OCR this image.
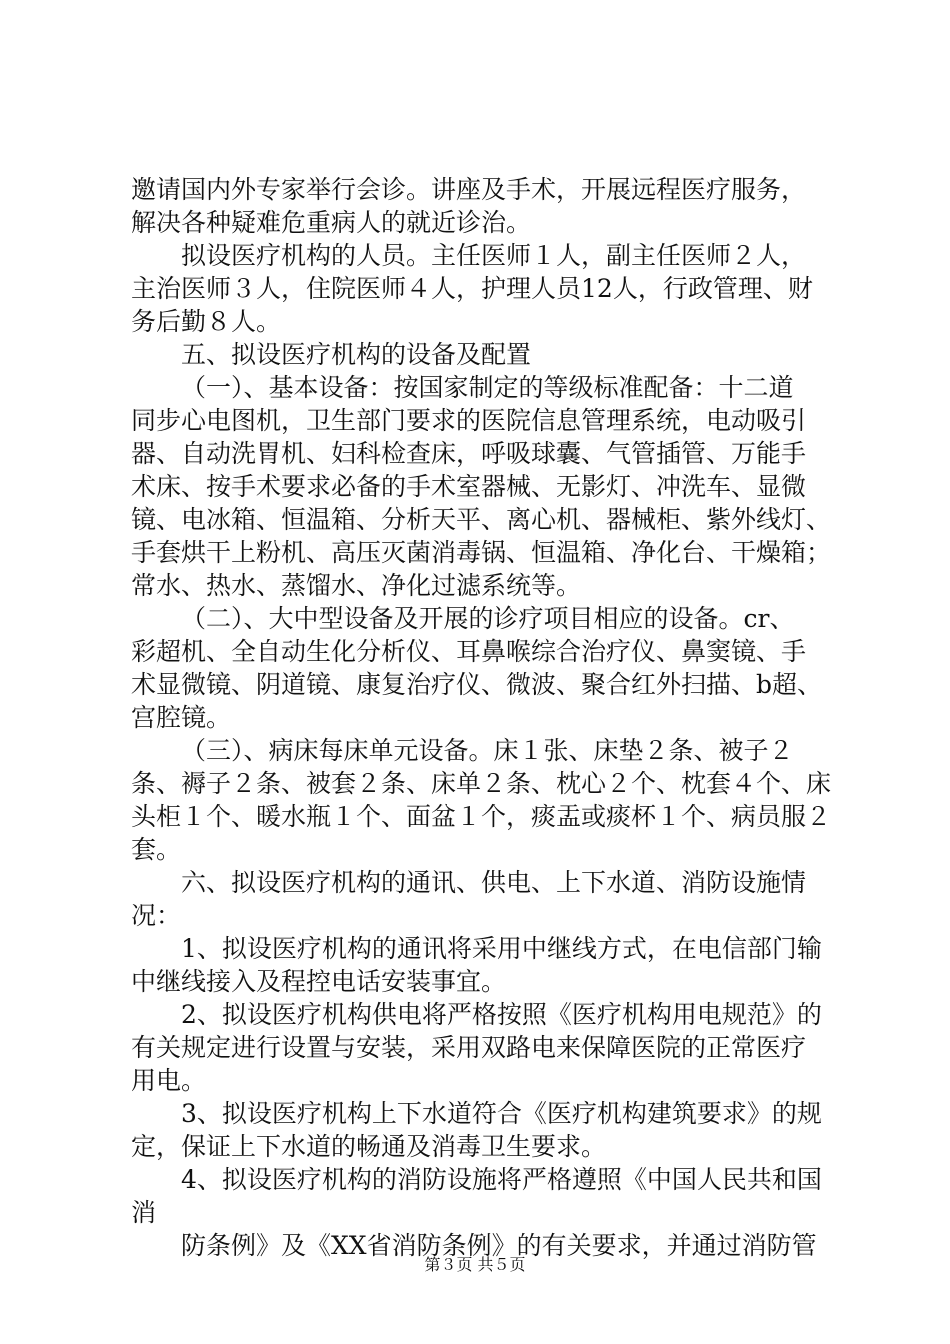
邀请国内外专家举行会诊。讲座及手术，开展远程医疗服务，
解决各种疑难危重病人的就近诊治。
拟设医疗机构的人员。主任医师１人，副主任医师２人，
主治医师３人，住院医师４人，护理人员12人，行政管理、财
务后勤８人。
五、拟设医疗机构的设备及配置
（一）、基本设备：按国家制定的等级标准配备：十二道
同步心电图机，卫生部门要求的医院信息管理系统，电动吸引
器、自动洗胃机、妇科检查床，呼吸球囊、气管插管、万能手
术床、按手术要求必备的手术室器械、无影灯、冲洗车、显微
镜、电冰箱、恒温箱、分析天平、离心机、器械柜、紫外线灯、
手套烘干上粉机、高压灭菌消毒锅、恒温箱、净化台、干燥箱；
常水、热水、蒸馏水、净化过滤系统等。
（二）、大中型设备及开展的诊疗项目相应的设备。cr、
彩超机、全自动生化分析仪、耳鼻喉综合治疗仪、鼻窦镜、手
术显微镜、阴道镜、康复治疗仪、微波、聚合红外扫描、b超、
宫腔镜。
（三）、病床每床单元设备。床１张、床垫２条、被子２
条、褥子２条、被套２条、床单２条、枕心２个、枕套４个、床
头柜１个、暖水瓶１个、面盆１个，痰盂或痰杯１个、病员服２
套。
六、拟设医疗机构的通讯、供电、上下水道、消防设施情
况：
1、拟设医疗机构的通讯将采用中继线方式，在电信部门输
中继线接入及程控电话安装事宜。
2、拟设医疗机构供电将严格按照《医疗机构用电规范》的
有关规定进行设置与安装，采用双路电来保障医院的正常医疗
用电。
3、拟设医疗机构上下水道符合《医疗机构建筑要求》的规
定，保证上下水道的畅通及消毒卫生要求。
4、拟设医疗机构的消防设施将严格遵照《中国人民共和国
消
防条例》及《XX省消防条例》的有关要求，并通过消防管
第３页 共５页
